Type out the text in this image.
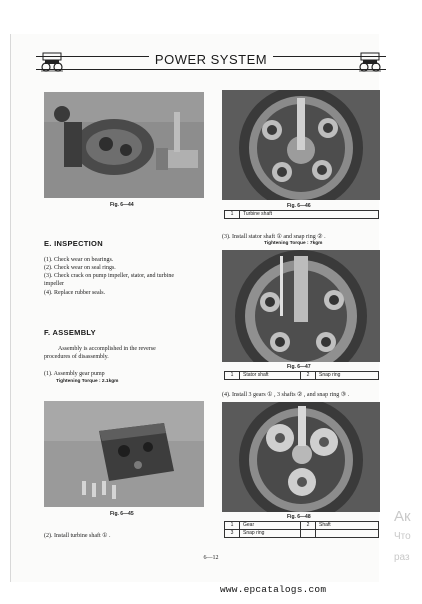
POWER SYSTEM
Fig. 6—44	Fig. 6—46
1	Turbine shaft
E. INSPECTION
(1). Check wear on bearings.
(2). Check wear on seal rings.
(3). Check crack on pump impeller, stator, and turbine
impeller
(4). Replace rubber seals.
F. ASSEMBLY
Assembly is accomplished in the reverse
procedures of disassembly.
(1). Assembly gear pump
Tightening Torque : 2.1kgm
Fig. 6—45
(2). Install turbine shaft ① .
(3). Install stator shaft ① and snap ring ② .
Tightening Torque : 7kgm
Fig. 6—47
1	Stator shaft	2	Snap ring
(4). Install 3 gears ① , 3 shafts ② , and snap ring ③ .
Fig. 6—48
1	Gear	2	Shaft
3	Snap ring		
6—12
www.epcatalogs.com
Ак
Что
раз
